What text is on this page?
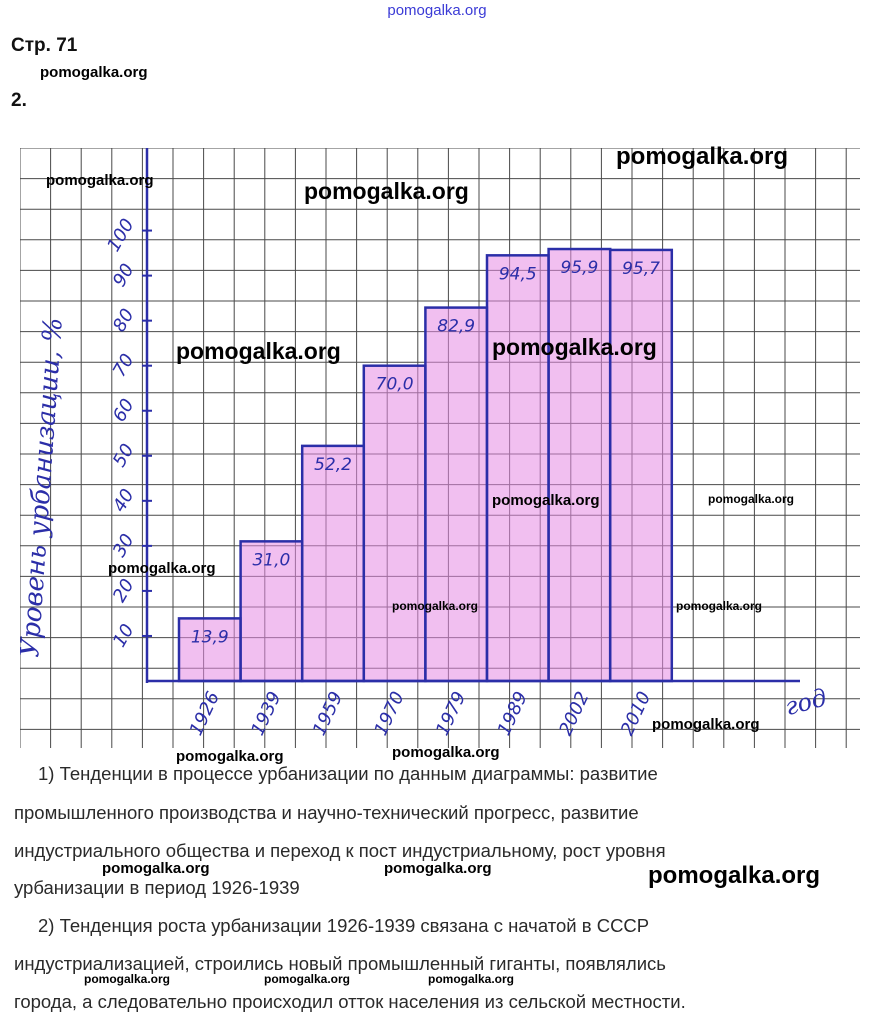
pomogalka.org
Стр. 71
pomogalka.org
2.
13,9
31,0
52,2
70,0
82,9
94,5 95,9 95,7
10
20
30
40
50
60
70
80
90
100
1926 1939 1959 1970 1979 1989 2002 2010
Уровень урбанизации, %
год
pomogalka.org
pomogalka.org	pomogalka.org
pomogalka.org	pomogalka.org
pomogalka.org	pomogalka.org
pomogalka.org
pomogalka.org	pomogalka.org
pomogalka.org
pomogalka.org	pomogalka.org
1) Тенденции в процессе урбанизации по данным диаграммы: развитие
промышленного производства и научно-технический прогресс, развитие
индустриального общества и переход к пост индустриальному, рост уровня
урбанизации в период 1926-1939
2) Тенденция роста урбанизации 1926-1939 связана с начатой в СССР
индустриализацией, строились новый промышленный гиганты, появлялись
города, а следовательно происходил отток населения из сельской местности.
pomogalka.org	pomogalka.org	pomogalka.org
pomogalka.org	pomogalka.org	pomogalka.org
